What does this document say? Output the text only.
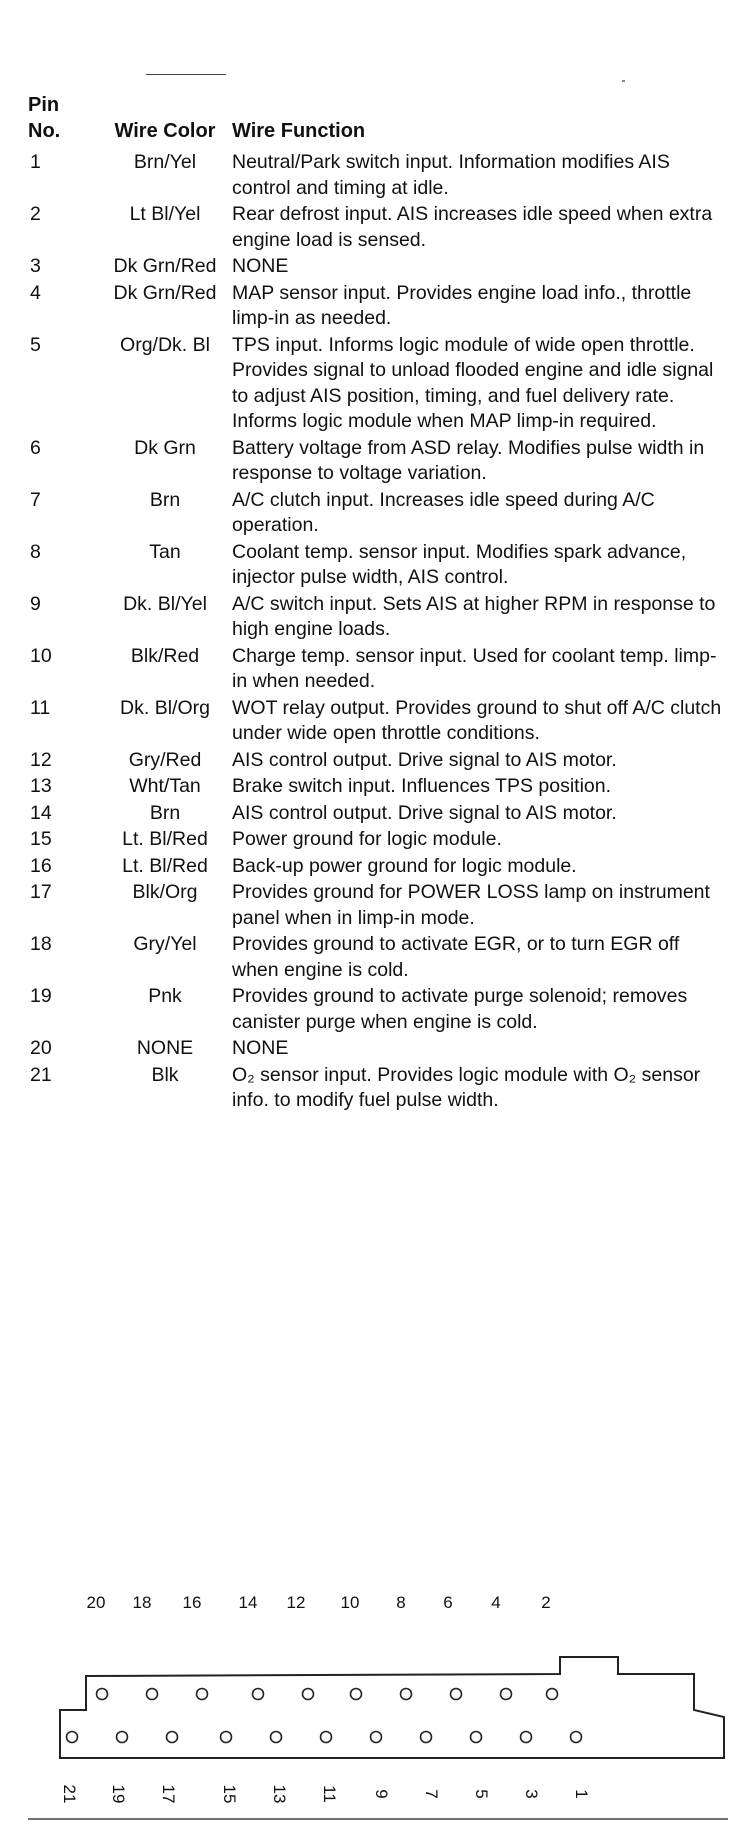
Pin
No.	Wire Color	Wire Function
1	Brn/Yel	Neutral/Park switch input. Information modifies AIS control and timing at idle.
2	Lt Bl/Yel	Rear defrost input. AIS increases idle speed when extra engine load is sensed.
3	Dk Grn/Red	NONE
4	Dk Grn/Red	MAP sensor input. Provides engine load info., throttle limp-in as needed.
5	Org/Dk. Bl	TPS input. Informs logic module of wide open throttle. Provides signal to unload flooded engine and idle signal to adjust AIS position, timing, and fuel delivery rate. Informs logic module when MAP limp-in required.
6	Dk Grn	Battery voltage from ASD relay. Modifies pulse width in response to voltage variation.
7	Brn	A/C clutch input. Increases idle speed during A/C operation.
8	Tan	Coolant temp. sensor input. Modifies spark advance, injector pulse width, AIS control.
9	Dk. Bl/Yel	A/C switch input. Sets AIS at higher RPM in response to high engine loads.
10	Blk/Red	Charge temp. sensor input. Used for coolant temp. limp-in when needed.
11	Dk. Bl/Org	WOT relay output. Provides ground to shut off A/C clutch under wide open throttle conditions.
12	Gry/Red	AIS control output. Drive signal to AIS motor.
13	Wht/Tan	Brake switch input. Influences TPS position.
14	Brn	AIS control output. Drive signal to AIS motor.
15	Lt. Bl/Red	Power ground for logic module.
16	Lt. Bl/Red	Back-up power ground for logic module.
17	Blk/Org	Provides ground for POWER LOSS lamp on instrument panel when in limp-in mode.
18	Gry/Yel	Provides ground to activate EGR, or to turn EGR off when engine is cold.
19	Pnk	Provides ground to activate purge solenoid; removes canister purge when engine is cold.
20	NONE	NONE
21	Blk	O₂ sensor input. Provides logic module with O₂ sensor info. to modify fuel pulse width.
20 18 16 14 12 10 8 6 4 2
21 19 17 15 13 11 9 7 5 3 1
